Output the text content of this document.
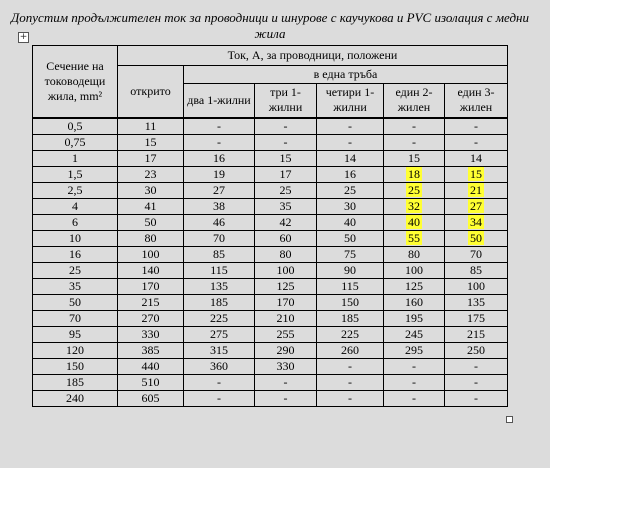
Допустим продължителен ток за проводници и шнурове с каучукова и PVC изолация с медни жила
+
Сечение на тоководещи жила, mm²	Ток, А, за проводници, положени					
	открито	в една тръба				
		два 1-жилни	три 1-жилни	четири 1-жилни	един 2-жилен	един 3-жилен
0,5	11	-	-	-	-	-
0,75	15	-	-	-	-	-
1	17	16	15	14	15	14
1,5	23	19	17	16	18	15
2,5	30	27	25	25	25	21
4	41	38	35	30	32	27
6	50	46	42	40	40	34
10	80	70	60	50	55	50
16	100	85	80	75	80	70
25	140	115	100	90	100	85
35	170	135	125	115	125	100
50	215	185	170	150	160	135
70	270	225	210	185	195	175
95	330	275	255	225	245	215
120	385	315	290	260	295	250
150	440	360	330	-	-	-
185	510	-	-	-	-	-
240	605	-	-	-	-	-
